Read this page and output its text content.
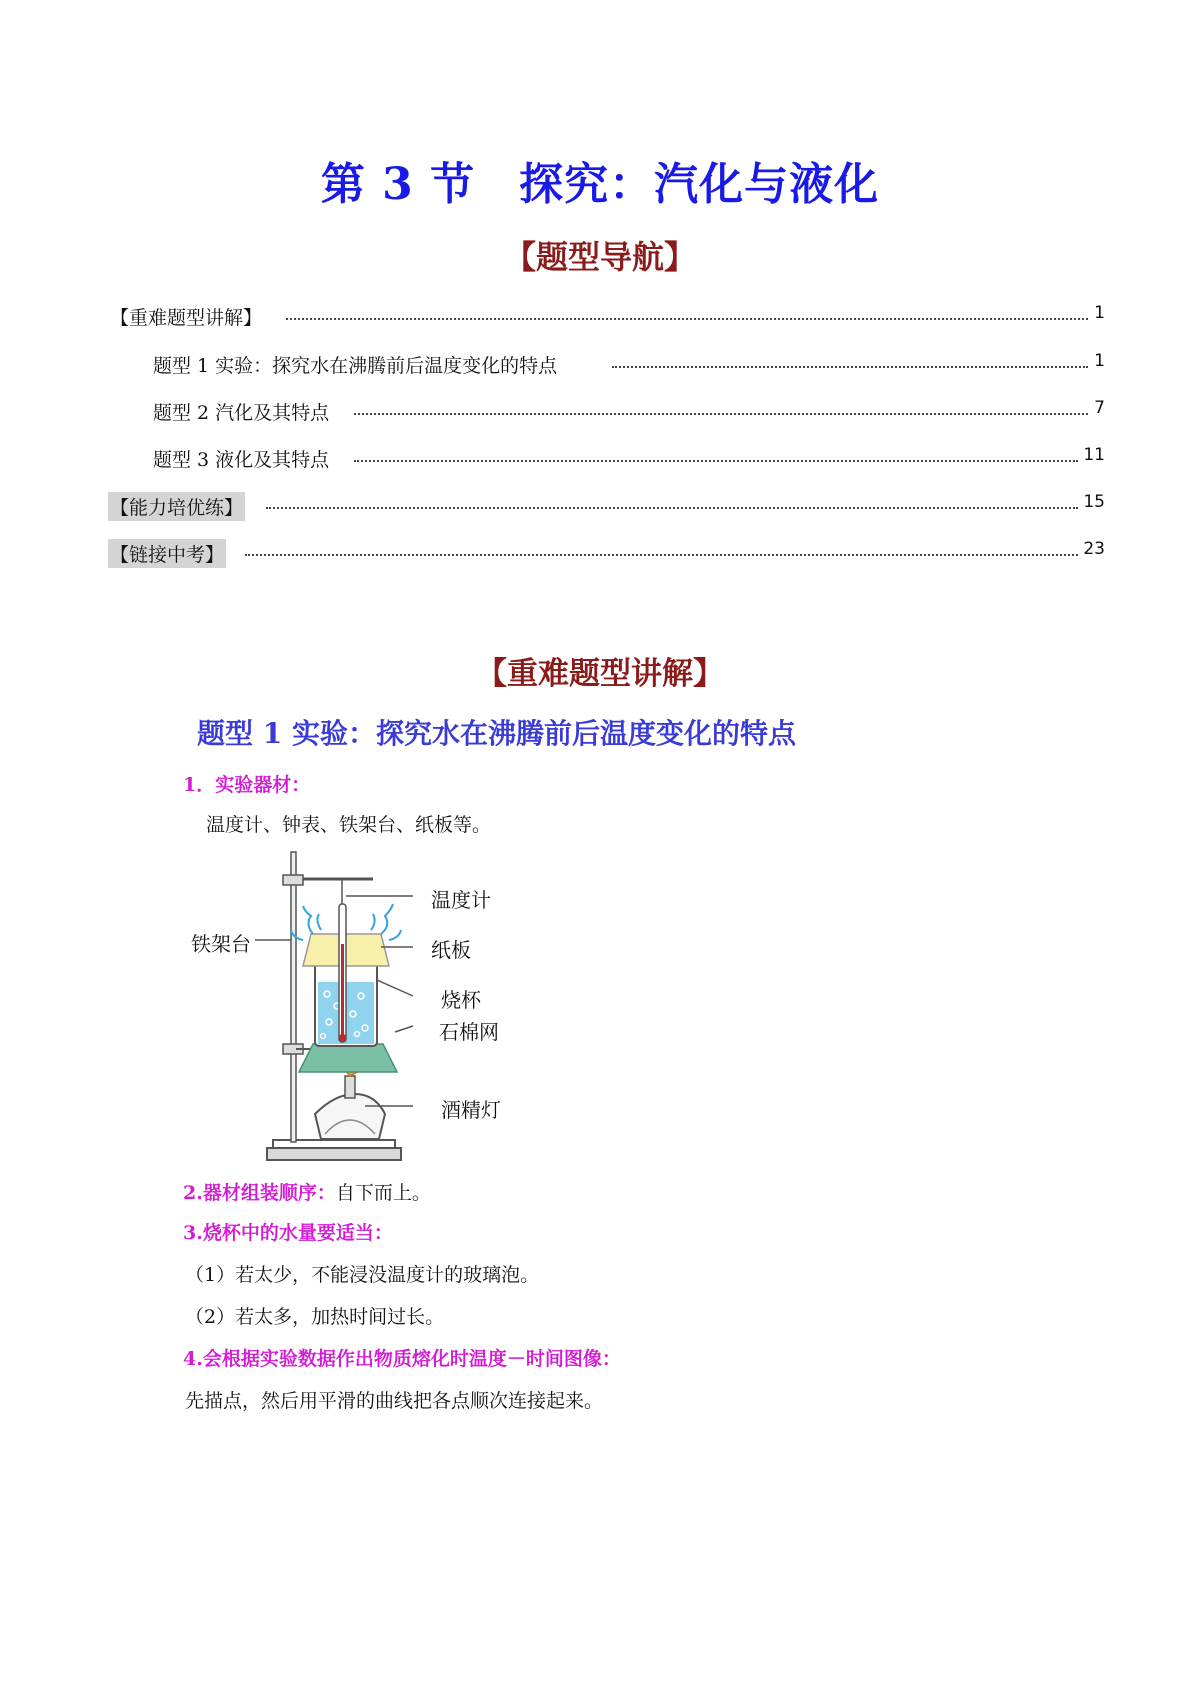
第 3 节 探究：汽化与液化
【题型导航】
【重难题型讲解】	1
题型 1 实验：探究水在沸腾前后温度变化的特点	1
题型 2 汽化及其特点	7
题型 3 液化及其特点	11
【能力培优练】	15
【链接中考】	23
【重难题型讲解】
题型 1 实验：探究水在沸腾前后温度变化的特点
1．实验器材：
温度计、钟表、铁架台、纸板等。
温度计
纸板
铁架台
烧杯
石棉网
酒精灯
2.器材组装顺序：自下而上。
3.烧杯中的水量要适当：
（1）若太少，不能浸没温度计的玻璃泡。
（2）若太多，加热时间过长。
4.会根据实验数据作出物质熔化时温度－时间图像：
先描点，然后用平滑的曲线把各点顺次连接起来。
